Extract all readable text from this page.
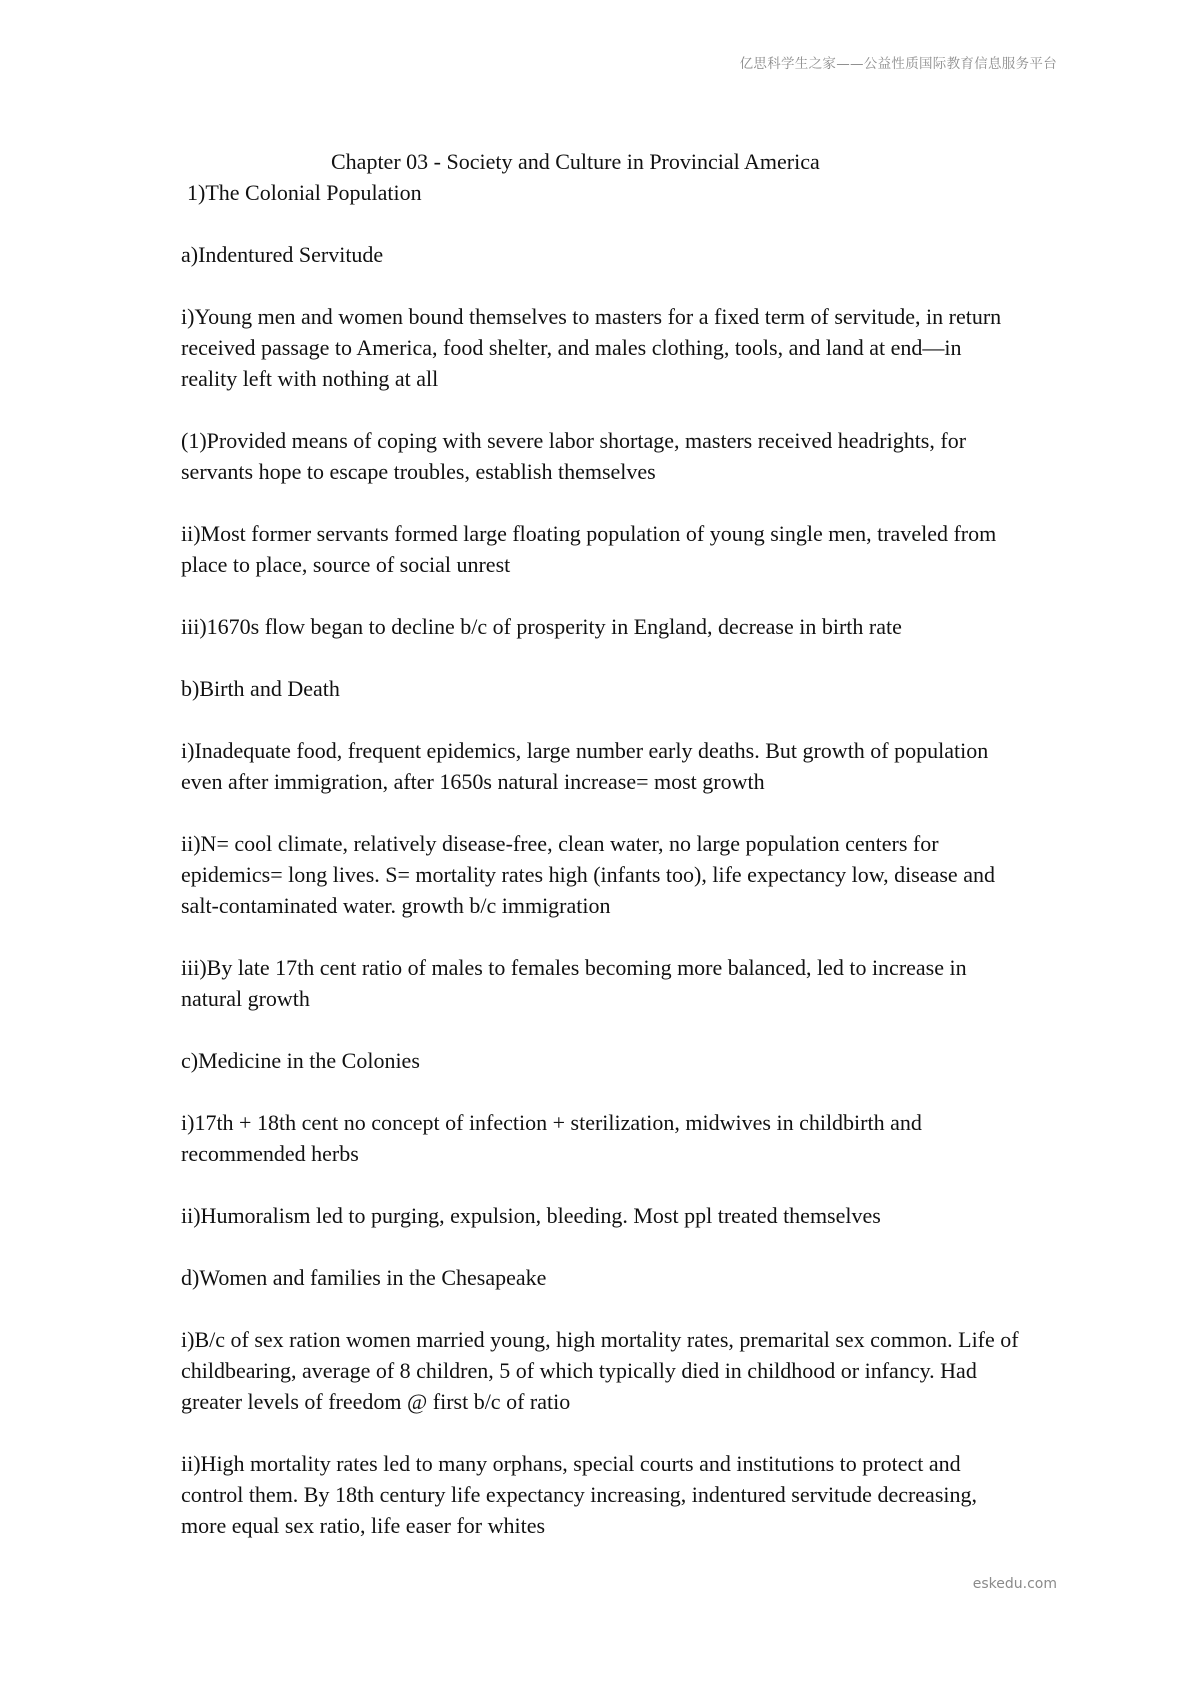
亿思科学生之家——公益性质国际教育信息服务平台

Chapter 03 - Society and Culture in Provincial America

1)The Colonial Population

a)Indentured Servitude

i)Young men and women bound themselves to masters for a fixed term of servitude, in return received passage to America, food shelter, and males clothing, tools, and land at end—in reality left with nothing at all

(1)Provided means of coping with severe labor shortage, masters received headrights, for servants hope to escape troubles, establish themselves

ii)Most former servants formed large floating population of young single men, traveled from place to place, source of social unrest

iii)1670s flow began to decline b/c of prosperity in England, decrease in birth rate

b)Birth and Death

i)Inadequate food, frequent epidemics, large number early deaths. But growth of population even after immigration, after 1650s natural increase= most growth

ii)N= cool climate, relatively disease-free, clean water, no large population centers for epidemics= long lives. S= mortality rates high (infants too), life expectancy low, disease and salt-contaminated water. growth b/c immigration

iii)By late 17th cent ratio of males to females becoming more balanced, led to increase in natural growth

c)Medicine in the Colonies

i)17th + 18th cent no concept of infection + sterilization, midwives in childbirth and recommended herbs

ii)Humoralism led to purging, expulsion, bleeding. Most ppl treated themselves

d)Women and families in the Chesapeake

i)B/c of sex ration women married young, high mortality rates, premarital sex common. Life of childbearing, average of 8 children, 5 of which typically died in childhood or infancy. Had greater levels of freedom @ first b/c of ratio

ii)High mortality rates led to many orphans, special courts and institutions to protect and control them. By 18th century life expectancy increasing, indentured servitude decreasing, more equal sex ratio, life easer for whites

eskedu.com
